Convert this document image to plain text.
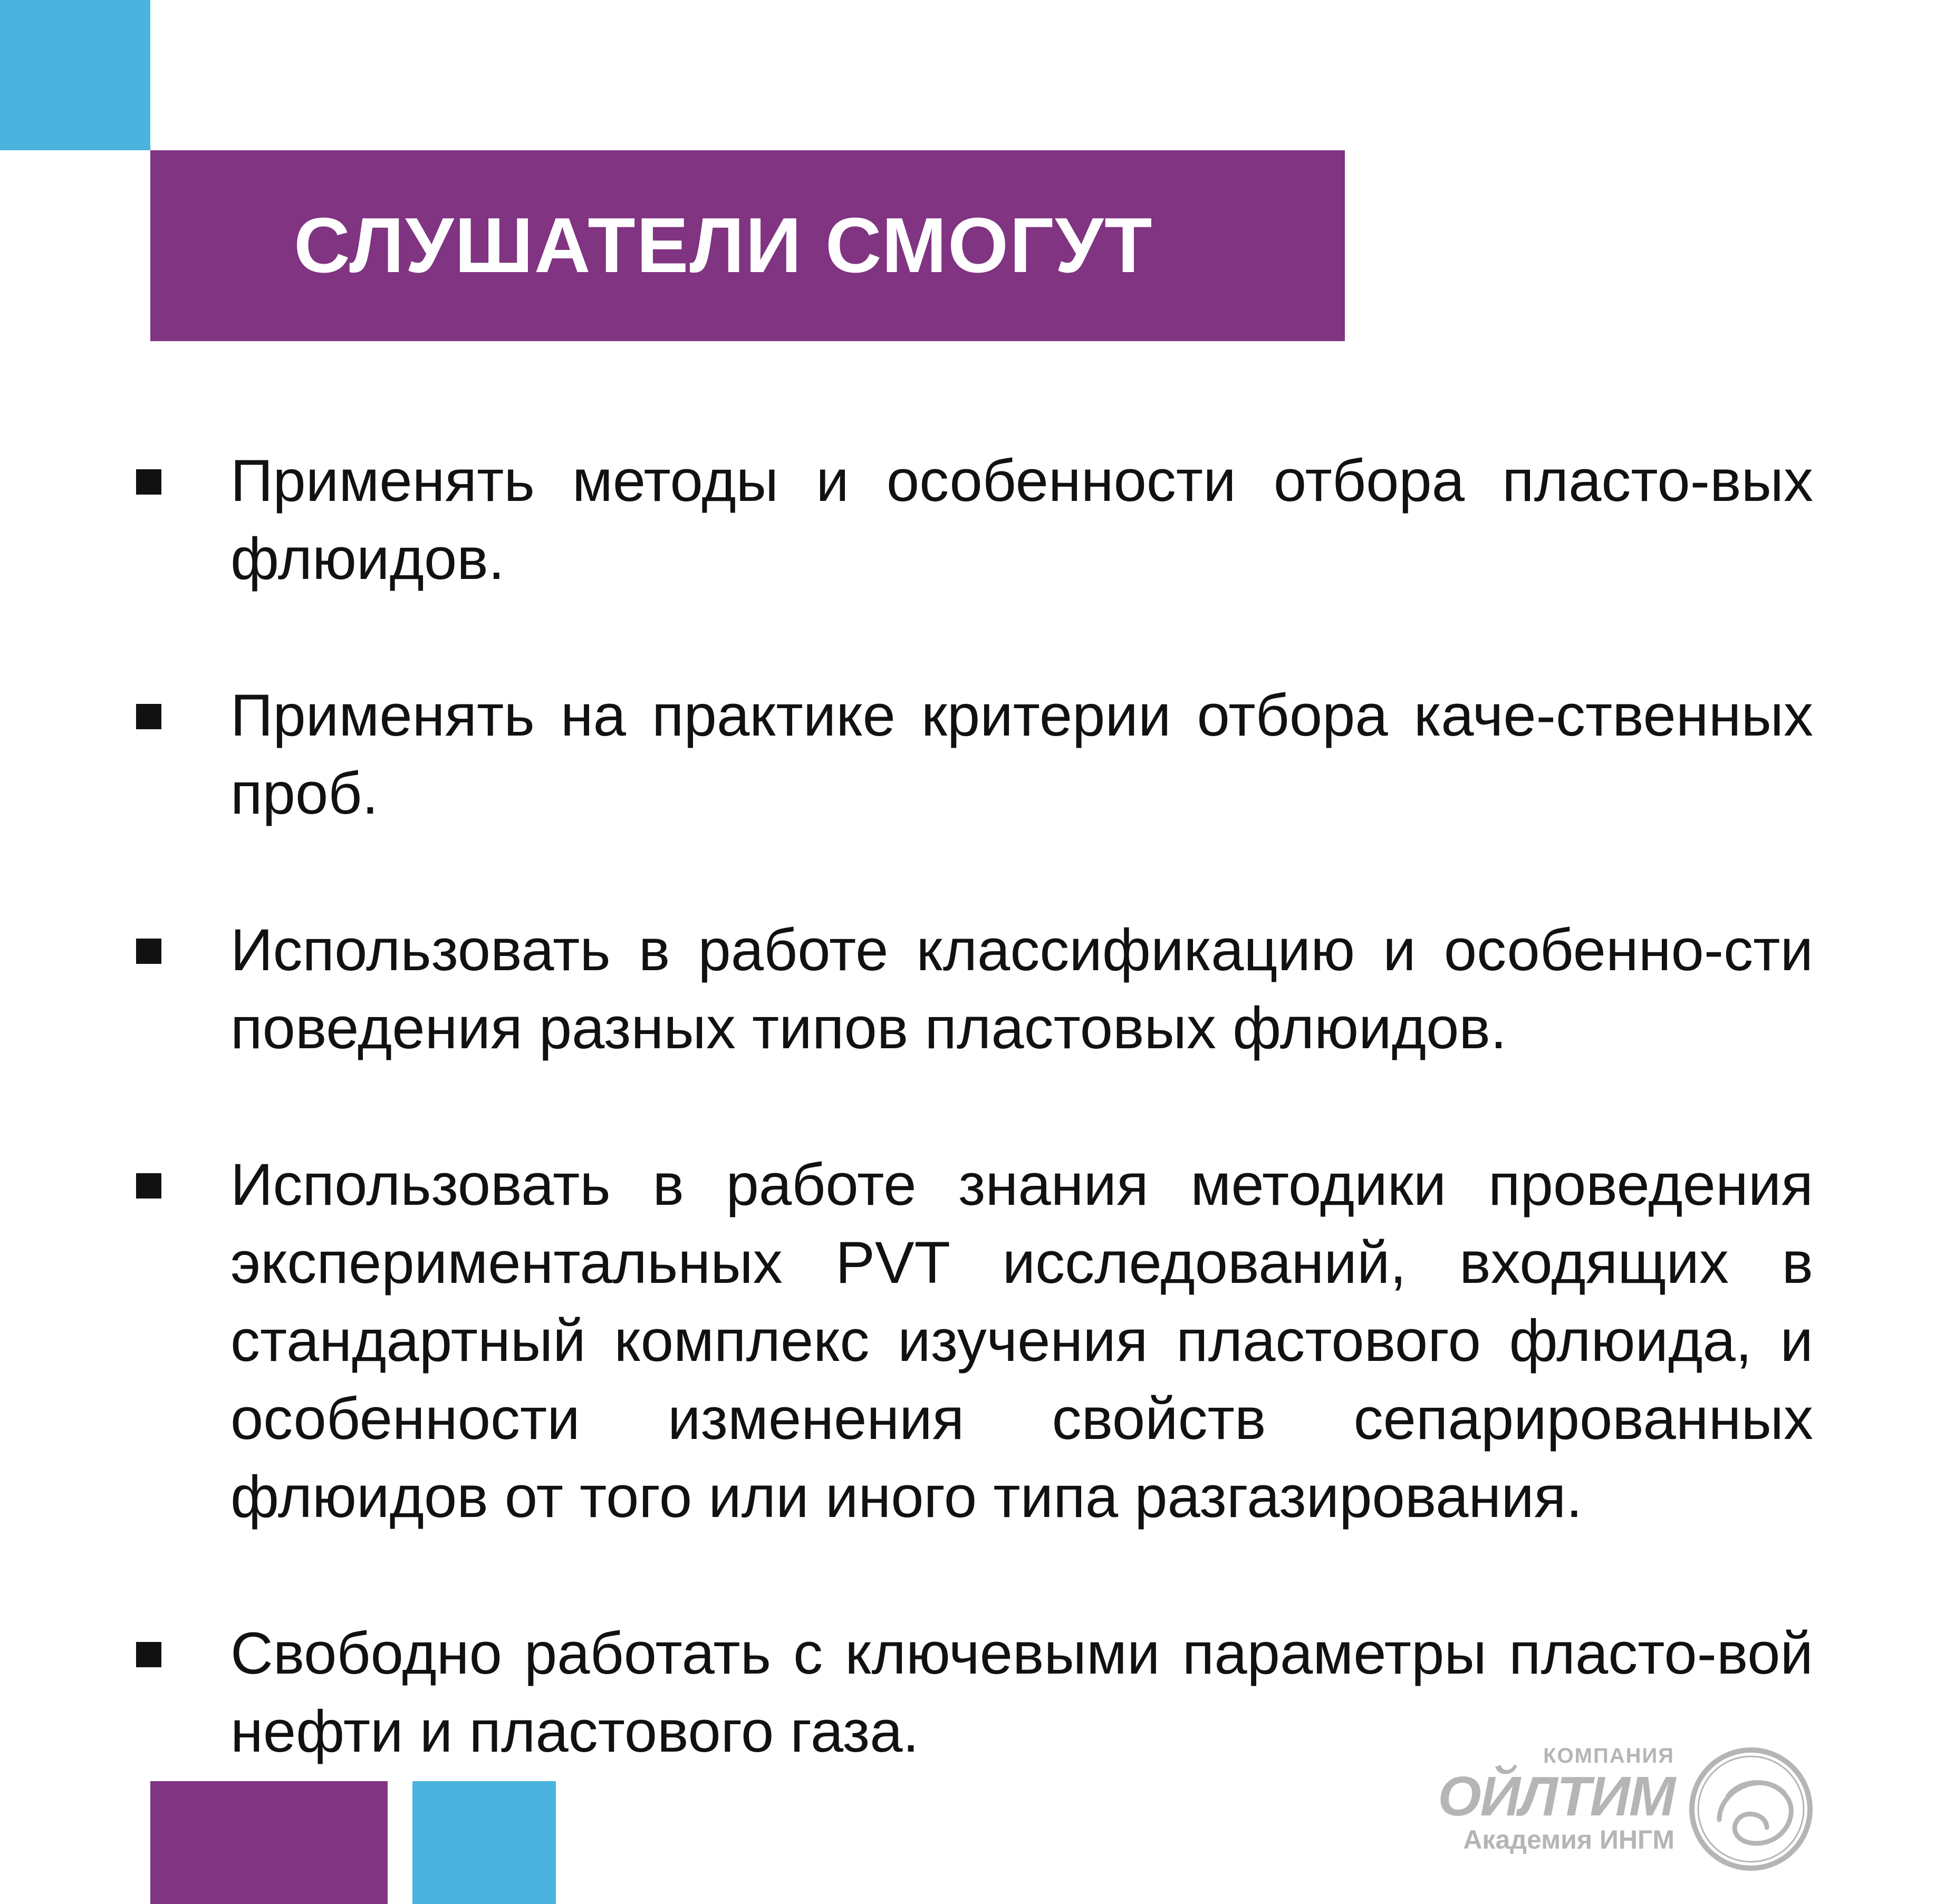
СЛУШАТЕЛИ СМОГУТ
Применять методы и особенности отбора пласто-вых флюидов.
Применять на практике критерии отбора каче-ственных проб.
Использовать в работе классификацию и особенно-сти поведения разных типов пластовых флюидов.
Использовать в работе знания методики проведения экспериментальных PVT исследований, входящих в стандартный комплекс изучения пластового флюида, и особенности изменения свойств сепарированных флюидов от того или иного типа разгазирования.
Свободно работать с ключевыми параметры пласто-вой нефти и пластового газа.	КОМПАНИЯ
ОЙЛТИМ
Академия ИНГМ
